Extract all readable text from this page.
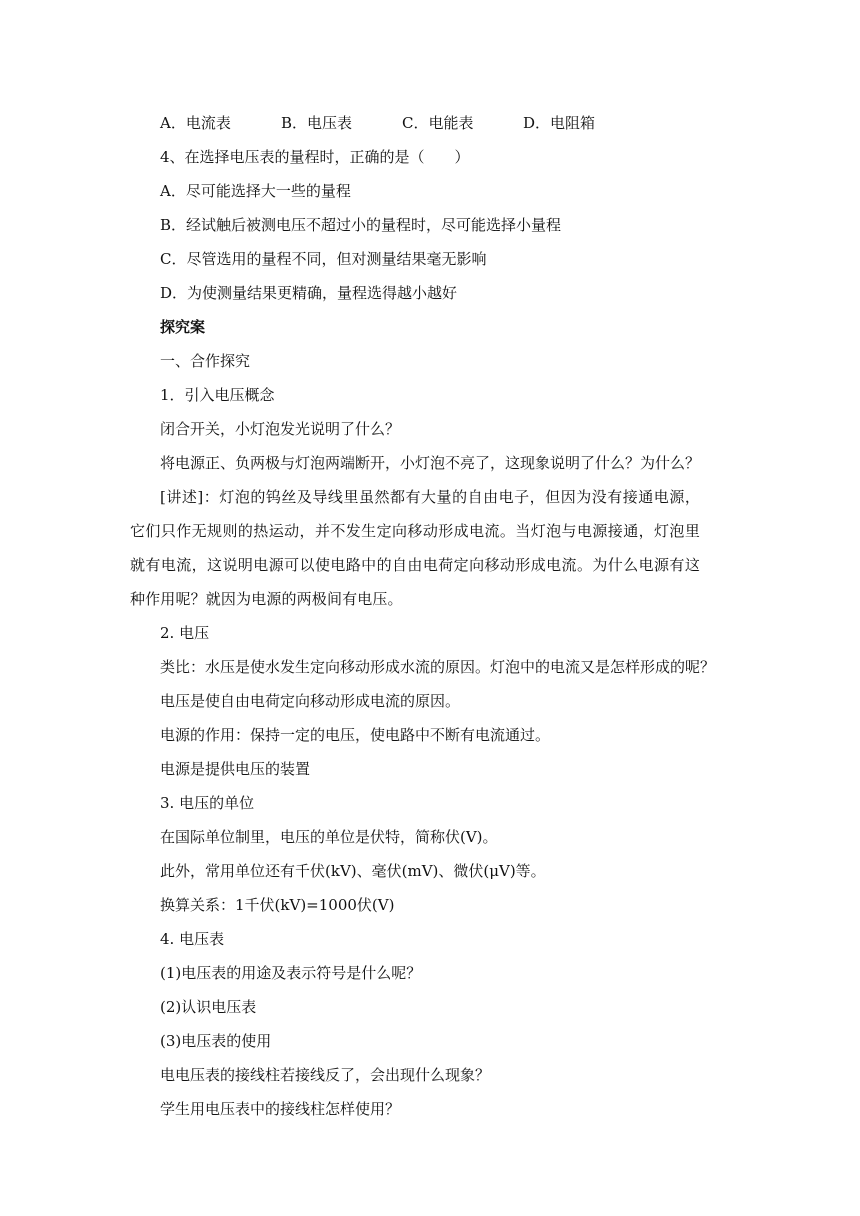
A．电流表	B．电压表	C．电能表	D．电阻箱
4、在选择电压表的量程时，正确的是（　　）
A．尽可能选择大一些的量程
B．经试触后被测电压不超过小的量程时，尽可能选择小量程
C．尽管选用的量程不同，但对测量结果毫无影响
D．为使测量结果更精确，量程选得越小越好
探究案
一、合作探究
1．引入电压概念
闭合开关，小灯泡发光说明了什么？
将电源正、负两极与灯泡两端断开，小灯泡不亮了，这现象说明了什么？为什么？
[讲述]：灯泡的钨丝及导线里虽然都有大量的自由电子，但因为没有接通电源，它们只作无规则的热运动，并不发生定向移动形成电流。当灯泡与电源接通，灯泡里就有电流，这说明电源可以使电路中的自由电荷定向移动形成电流。为什么电源有这种作用呢？就因为电源的两极间有电压。
2. 电压
类比：水压是使水发生定向移动形成水流的原因。灯泡中的电流又是怎样形成的呢？
电压是使自由电荷定向移动形成电流的原因。
电源的作用：保持一定的电压，使电路中不断有电流通过。
电源是提供电压的装置
3. 电压的单位
在国际单位制里，电压的单位是伏特，简称伏(V)。
此外，常用单位还有千伏(kV)、毫伏(mV)、微伏(μV)等。
换算关系：1千伏(kV)=1000伏(V)
4. 电压表
(1)电压表的用途及表示符号是什么呢？
(2)认识电压表
(3)电压表的使用
电电压表的接线柱若接线反了，会出现什么现象？
学生用电压表中的接线柱怎样使用？
